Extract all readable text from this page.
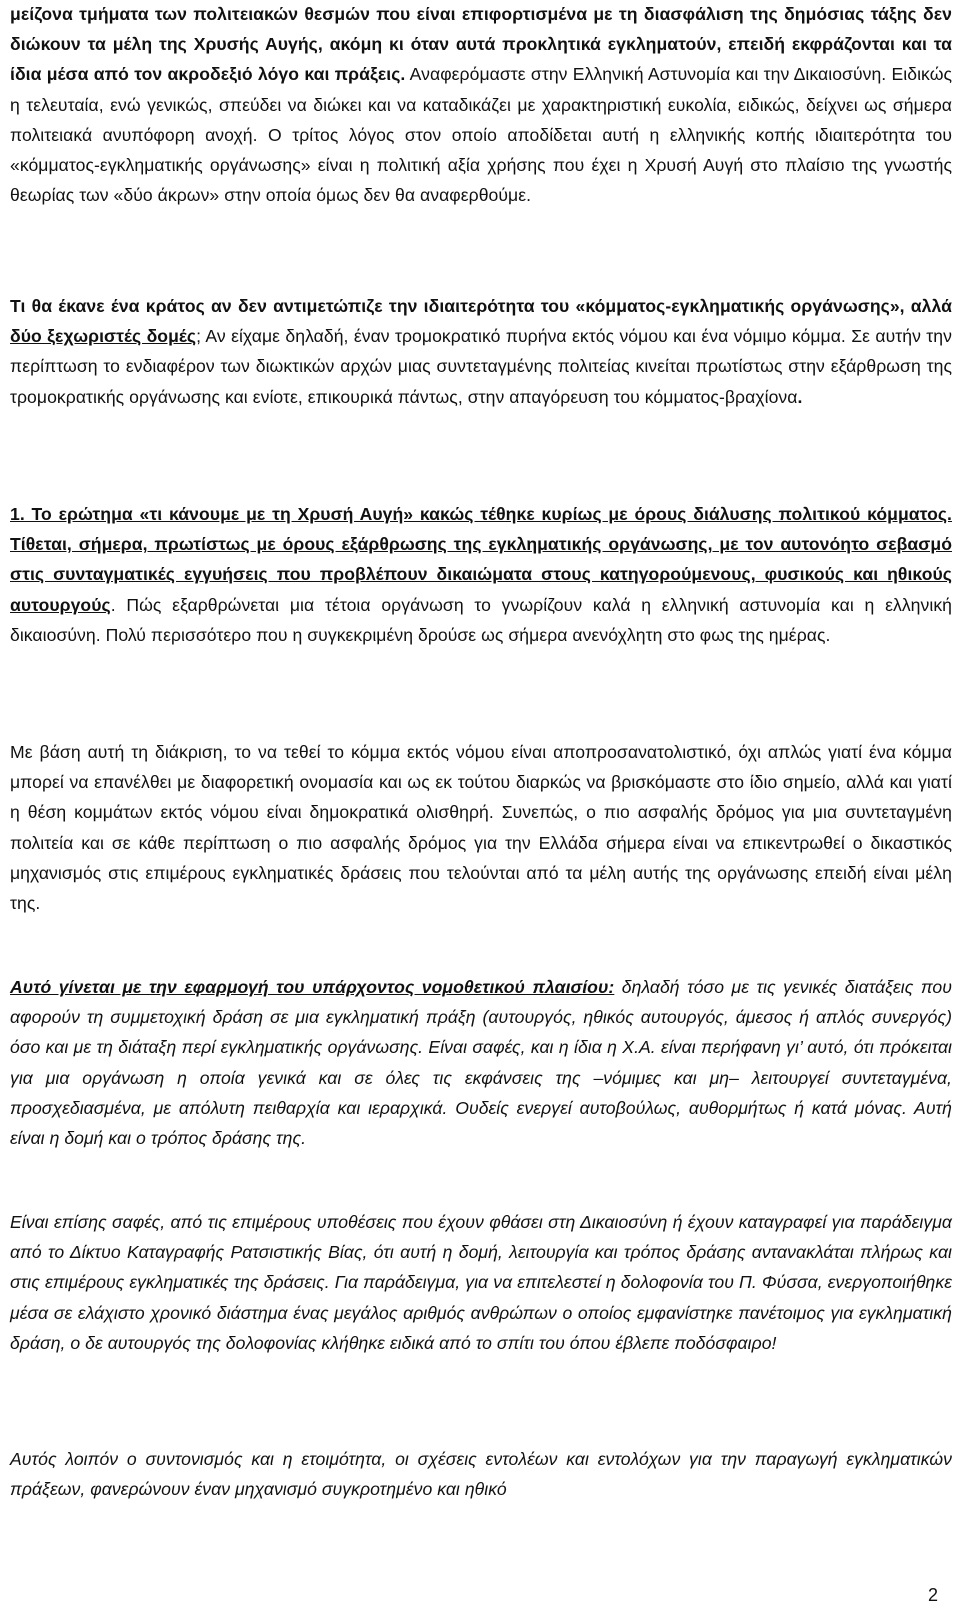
μείζονα τμήματα των πολιτειακών θεσμών που είναι επιφορτισμένα με τη διασφάλιση της δημόσιας τάξης δεν διώκουν τα μέλη της Χρυσής Αυγής, ακόμη κι όταν αυτά προκλητικά εγκληματούν, επειδή εκφράζονται και τα ίδια μέσα από τον ακροδεξιό λόγο και πράξεις. Αναφερόμαστε στην Ελληνική Αστυνομία και την Δικαιοσύνη. Ειδικώς η τελευταία, ενώ γενικώς, σπεύδει να διώκει και να καταδικάζει με χαρακτηριστική ευκολία, ειδικώς, δείχνει ως σήμερα πολιτειακά ανυπόφορη ανοχή. Ο τρίτος λόγος στον οποίο αποδίδεται αυτή η ελληνικής κοπής ιδιαιτερότητα του «κόμματος-εγκληματικής οργάνωσης» είναι η πολιτική αξία χρήσης που έχει η Χρυσή Αυγή στο πλαίσιο της γνωστής θεωρίας των «δύο άκρων» στην οποία όμως δεν θα αναφερθούμε.

Τι θα έκανε ένα κράτος αν δεν αντιμετώπιζε την ιδιαιτερότητα του «κόμματος-εγκληματικής οργάνωσης», αλλά δύο ξεχωριστές δομές; Αν είχαμε δηλαδή, έναν τρομοκρατικό πυρήνα εκτός νόμου και ένα νόμιμο κόμμα. Σε αυτήν την περίπτωση το ενδιαφέρον των διωκτικών αρχών μιας συντεταγμένης πολιτείας κινείται πρωτίστως στην εξάρθρωση της τρομοκρατικής οργάνωσης και ενίοτε, επικουρικά πάντως, στην απαγόρευση του κόμματος-βραχίονα.

1. Το ερώτημα «τι κάνουμε με τη Χρυσή Αυγή» κακώς τέθηκε κυρίως με όρους διάλυσης πολιτικού κόμματος. Τίθεται, σήμερα, πρωτίστως με όρους εξάρθρωσης της εγκληματικής οργάνωσης, με τον αυτονόητο σεβασμό στις συνταγματικές εγγυήσεις που προβλέπουν δικαιώματα στους κατηγορούμενους, φυσικούς και ηθικούς αυτουργούς. Πώς εξαρθρώνεται μια τέτοια οργάνωση το γνωρίζουν καλά η ελληνική αστυνομία και η ελληνική δικαιοσύνη. Πολύ περισσότερο που η συγκεκριμένη δρούσε ως σήμερα ανενόχλητη στο φως της ημέρας.

Με βάση αυτή τη διάκριση, το να τεθεί το κόμμα εκτός νόμου είναι αποπροσανατολιστικό, όχι απλώς γιατί ένα κόμμα μπορεί να επανέλθει με διαφορετική ονομασία και ως εκ τούτου διαρκώς να βρισκόμαστε στο ίδιο σημείο, αλλά και γιατί η θέση κομμάτων εκτός νόμου είναι δημοκρατικά ολισθηρή. Συνεπώς, ο πιο ασφαλής δρόμος για μια συντεταγμένη πολιτεία και σε κάθε περίπτωση ο πιο ασφαλής δρόμος για την Ελλάδα σήμερα είναι να επικεντρωθεί ο δικαστικός μηχανισμός στις επιμέρους εγκληματικές δράσεις που τελούνται από τα μέλη αυτής της οργάνωσης επειδή είναι μέλη της.

Αυτό γίνεται με την εφαρμογή του υπάρχοντος νομοθετικού πλαισίου: δηλαδή τόσο με τις γενικές διατάξεις που αφορούν τη συμμετοχική δράση σε μια εγκληματική πράξη (αυτουργός, ηθικός αυτουργός, άμεσος ή απλός συνεργός) όσο και με τη διάταξη περί εγκληματικής οργάνωσης. Είναι σαφές, και η ίδια η Χ.Α. είναι περήφανη γι’ αυτό, ότι πρόκειται για μια οργάνωση η οποία γενικά και σε όλες τις εκφάνσεις της –νόμιμες και μη– λειτουργεί συντεταγμένα, προσχεδιασμένα, με απόλυτη πειθαρχία και ιεραρχικά. Ουδείς ενεργεί αυτοβούλως, αυθορμήτως ή κατά μόνας. Αυτή είναι η δομή και ο τρόπος δράσης της.

Είναι επίσης σαφές, από τις επιμέρους υποθέσεις που έχουν φθάσει στη Δικαιοσύνη ή έχουν καταγραφεί για παράδειγμα από το Δίκτυο Καταγραφής Ρατσιστικής Βίας, ότι αυτή η δομή, λειτουργία και τρόπος δράσης αντανακλάται πλήρως και στις επιμέρους εγκληματικές της δράσεις. Για παράδειγμα, για να επιτελεστεί η δολοφονία του Π. Φύσσα, ενεργοποιήθηκε μέσα σε ελάχιστο χρονικό διάστημα ένας μεγάλος αριθμός ανθρώπων ο οποίος εμφανίστηκε πανέτοιμος για εγκληματική δράση, ο δε αυτουργός της δολοφονίας κλήθηκε ειδικά από το σπίτι του όπου έβλεπε ποδόσφαιρο!

Αυτός λοιπόν ο συντονισμός και η ετοιμότητα, οι σχέσεις εντολέων και εντολόχων για την παραγωγή εγκληματικών πράξεων, φανερώνουν έναν μηχανισμό συγκροτημένο και ηθικό

2
